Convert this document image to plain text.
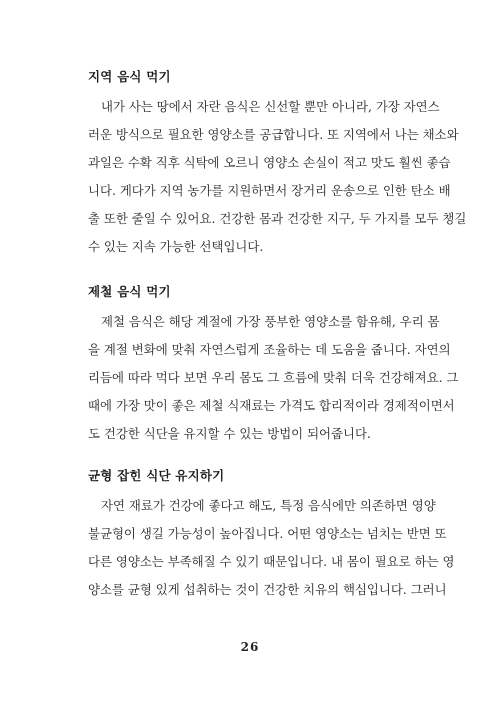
지역 음식 먹기
내가 사는 땅에서 자란 음식은 신선할 뿐만 아니라, 가장 자연스
러운 방식으로 필요한 영양소를 공급합니다. 또 지역에서 나는 채소와
과일은 수확 직후 식탁에 오르니 영양소 손실이 적고 맛도 훨씬 좋습
니다. 게다가 지역 농가를 지원하면서 장거리 운송으로 인한 탄소 배
출 또한 줄일 수 있어요. 건강한 몸과 건강한 지구, 두 가지를 모두 챙길
수 있는 지속 가능한 선택입니다.
제철 음식 먹기
제철 음식은 해당 계절에 가장 풍부한 영양소를 함유해, 우리 몸
을 계절 변화에 맞춰 자연스럽게 조율하는 데 도움을 줍니다. 자연의
리듬에 따라 먹다 보면 우리 몸도 그 흐름에 맞춰 더욱 건강해져요. 그
때에 가장 맛이 좋은 제철 식재료는 가격도 합리적이라 경제적이면서
도 건강한 식단을 유지할 수 있는 방법이 되어줍니다.
균형 잡힌 식단 유지하기
자연 재료가 건강에 좋다고 해도, 특정 음식에만 의존하면 영양
불균형이 생길 가능성이 높아집니다. 어떤 영양소는 넘치는 반면 또
다른 영양소는 부족해질 수 있기 때문입니다. 내 몸이 필요로 하는 영
양소를 균형 있게 섭취하는 것이 건강한 치유의 핵심입니다. 그러니
26
